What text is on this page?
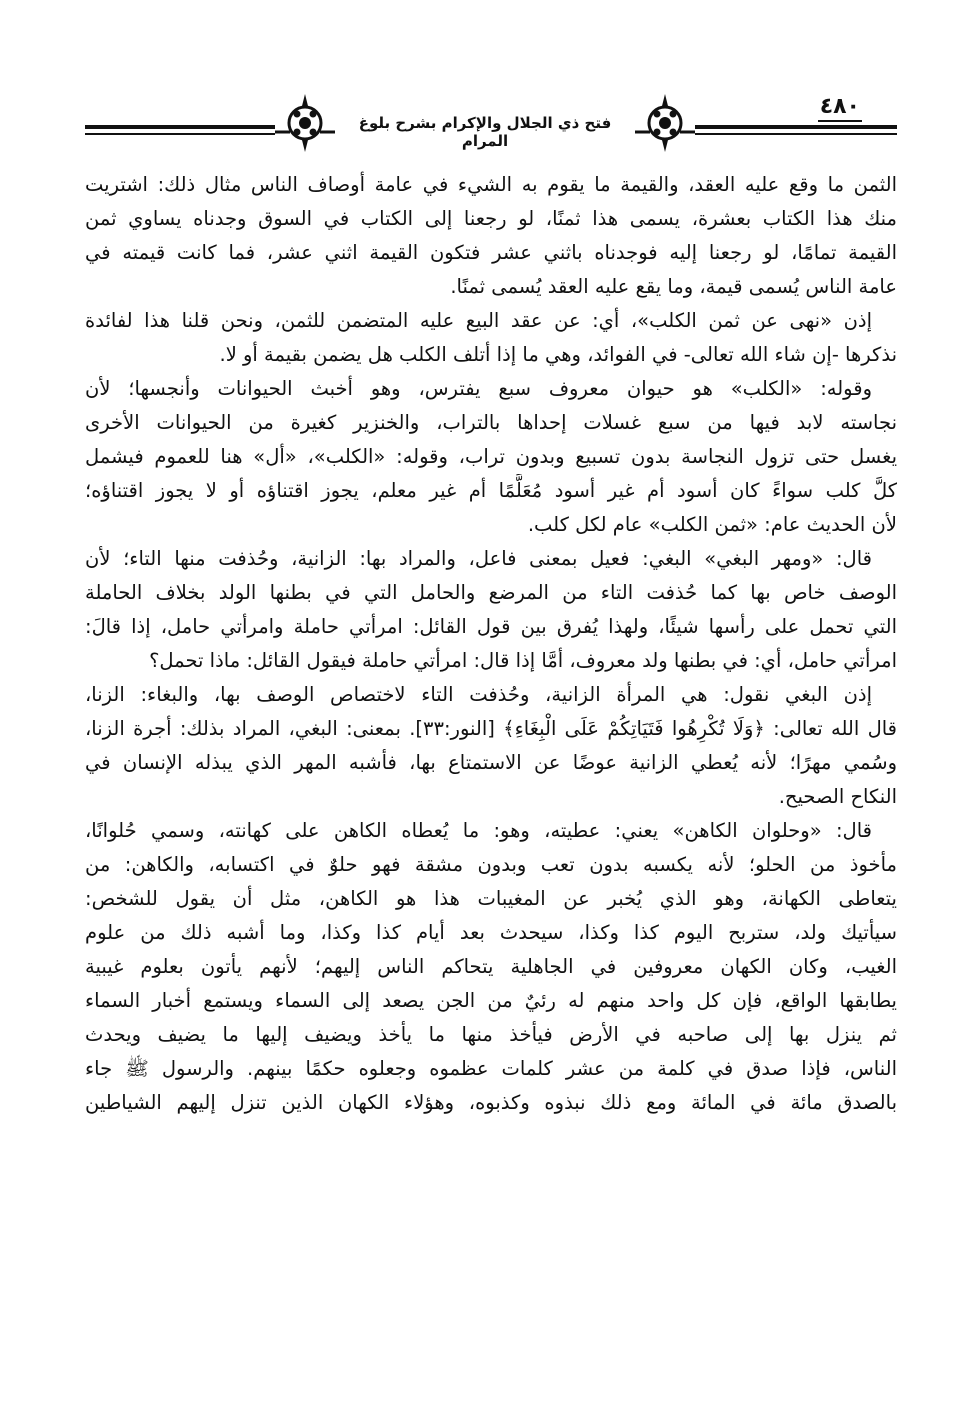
٤٨٠
فتح ذي الجلال والإكرام بشرح بلوغ المرام
الثمن ما وقع عليه العقد، والقيمة ما يقوم به الشيء في عامة أوصاف الناس مثال ذلك: اشتريت
منك هذا الكتاب بعشرة، يسمى هذا ثمنًا، لو رجعنا إلى الكتاب في السوق وجدناه يساوي ثمن
القيمة تمامًا، لو رجعنا إليه فوجدناه باثني عشر فتكون القيمة اثني عشر، فما كانت قيمته في
عامة الناس يُسمى قيمة، وما يقع عليه العقد يُسمى ثمنًا.
إذن «نهى عن ثمن الكلب»، أي: عن عقد البيع عليه المتضمن للثمن، ونحن قلنا هذا لفائدة
نذكرها -إن شاء الله تعالى- في الفوائد، وهي ما إذا أتلف الكلب هل يضمن بقيمة أو لا.
وقوله: «الكلب» هو حيوان معروف سبع يفترس، وهو أخبث الحيوانات وأنجسها؛ لأن
نجاسته لابد فيها من سبع غسلات إحداها بالتراب، والخنزير كغيرة من الحيوانات الأخرى
يغسل حتى تزول النجاسة بدون تسبيع وبدون تراب، وقوله: «الكلب»، «أل» هنا للعموم فيشمل
كلَّ كلب سواءً كان أسود أم غير أسود مُعَلَّمًا أم غير معلم، يجوز اقتناؤه أو لا يجوز اقتناؤه؛
لأن الحديث عام: «ثمن الكلب» عام لكل كلب.
قال: «ومهر البغي» البغي: فعيل بمعنى فاعل، والمراد بها: الزانية، وحُذفت منها التاء؛ لأن
الوصف خاص بها كما حُذفت التاء من المرضع والحامل التي في بطنها الولد بخلاف الحاملة
التي تحمل على رأسها شيئًا، ولهذا يُفرق بين قول القائل: امرأتي حاملة وامرأتي حامل، إذا قالَ:
امرأتي حامل، أي: في بطنها ولد معروف، أمَّا إذا قال: امرأتي حاملة فيقول القائل: ماذا تحمل؟
إذن البغي نقول: هي المرأة الزانية، وحُذفت التاء لاختصاص الوصف بها، والبغاء: الزنا،
قال الله تعالى: ﴿وَلَا تُكْرِهُوا فَتَيَاتِكُمْ عَلَى الْبِغَاءِ﴾ [النور:٣٣]. بمعنى: البغي، المراد بذلك: أجرة الزنا،
وسُمي مهرًا؛ لأنه يُعطي الزانية عوضًا عن الاستمتاع بها، فأشبه المهر الذي يبذله الإنسان في
النكاح الصحيح.
قال: «وحلوان الكاهن» يعني: عطيته، وهو: ما يُعطاه الكاهن على كهانته، وسمي حُلوانًا،
مأخوذ من الحلو؛ لأنه يكسبه بدون تعب وبدون مشقة فهو حلوٌ في اكتسابه، والكاهن: من
يتعاطى الكهانة، وهو الذي يُخبر عن المغيبات هذا هو الكاهن، مثل أن يقول للشخص:
سيأتيك ولد، ستربح اليوم كذا وكذا، سيحدث بعد أيام كذا وكذا، وما أشبه ذلك من علوم
الغيب، وكان الكهان معروفين في الجاهلية يتحاكم الناس إليهم؛ لأنهم يأتون بعلوم غيبية
يطابقها الواقع، فإن كل واحد منهم له رئيٌ من الجن يصعد إلى السماء ويستمع أخبار السماء
ثم ينزل بها إلى صاحبه في الأرض فيأخذ منها ما يأخذ ويضيف إليها ما يضيف ويحدث
الناس، فإذا صدق في كلمة من عشر كلمات عظموه وجعلوه حكمًا بينهم. والرسول ﷺ جاء
بالصدق مائة في المائة ومع ذلك نبذوه وكذبوه، وهؤلاء الكهان الذين تنزل إليهم الشياطين
